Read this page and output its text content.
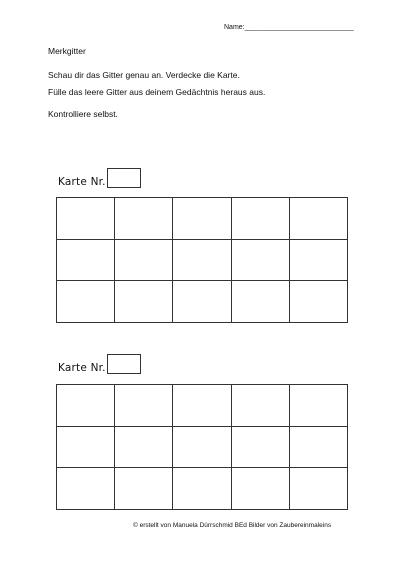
Name:____________________________
Merkgitter
Schau dir das Gitter genau an. Verdecke die Karte.
Fülle das leere Gitter aus deinem Gedächtnis heraus aus.
Kontrolliere selbst.
Karte Nr.
Karte Nr.
© erstellt von Manuela Dürrschmid BEd Bilder von Zaubereinmaleins
